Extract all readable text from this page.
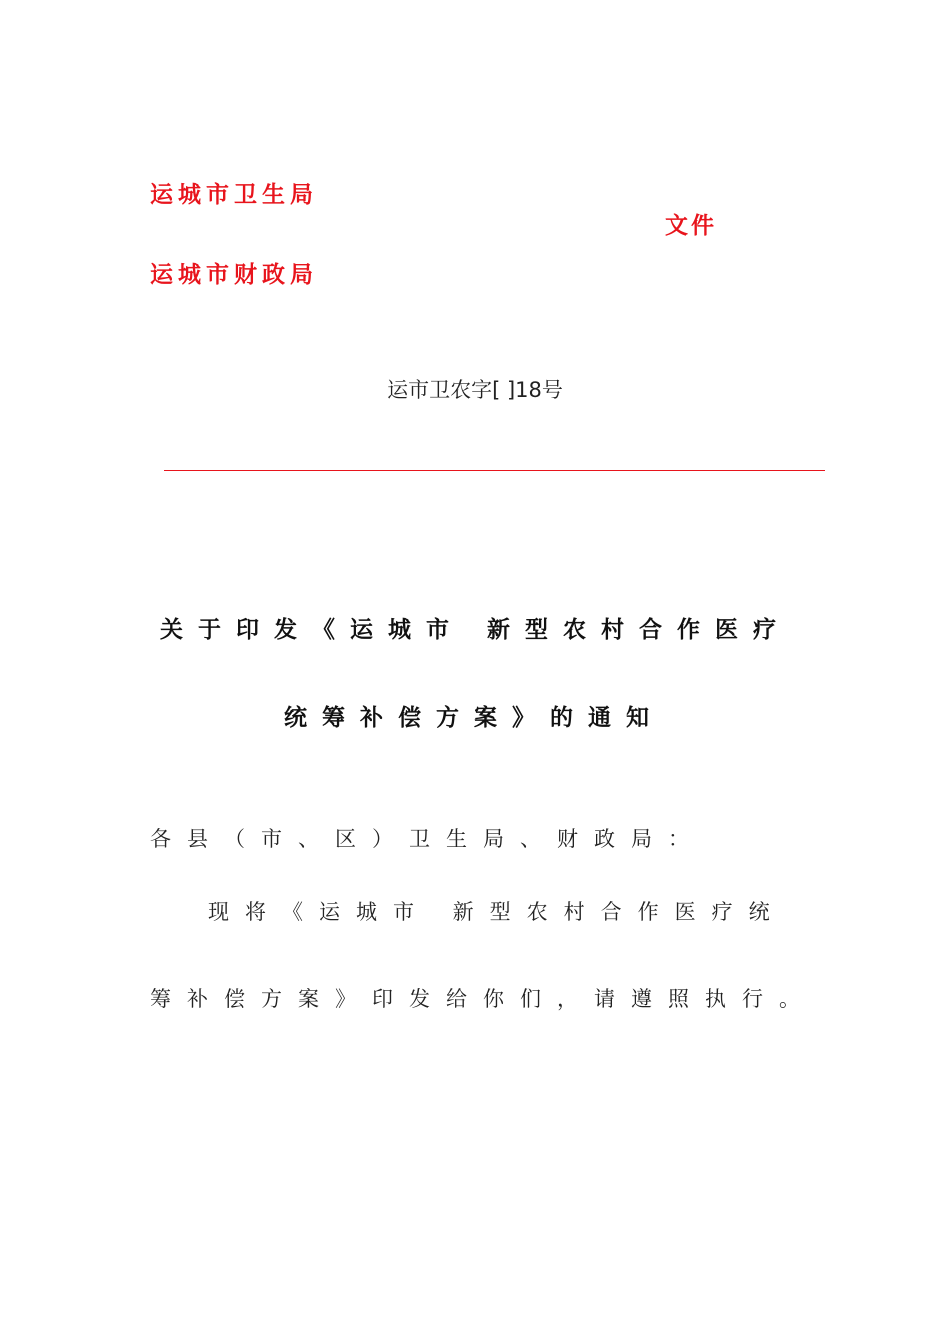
运城市卫生局
运城市财政局
文件
运市卫农字[ ]18号
关于印发《运城市 新型农村合作医疗
统筹补偿方案》的通知
各县（市、区）卫生局、财政局：
现将《运城市 新型农村合作医疗统
筹补偿方案》印发给你们，请遵照执行。
